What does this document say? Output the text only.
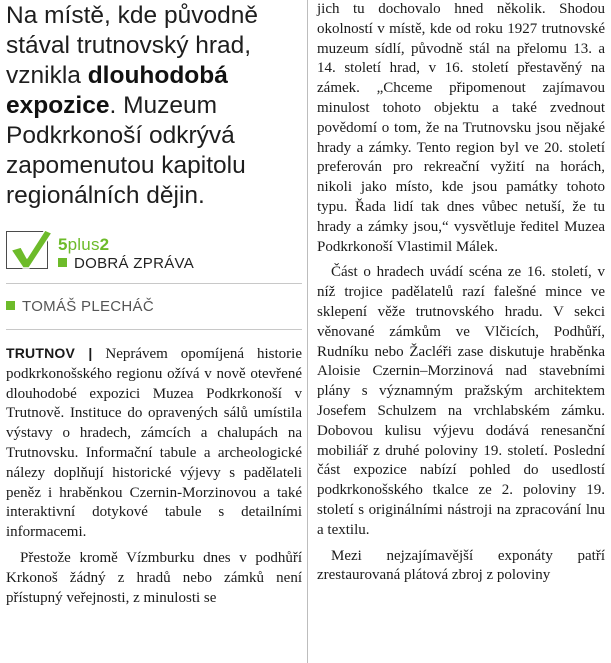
Na místě, kde původně stával trutnovský hrad, vznikla dlouhodobá expozice. Muzeum Podkrkonoší odkrývá zapomenutou kapitolu regionálních dějin.

5plus2
DOBRÁ ZPRÁVA
TOMÁŠ PLECHÁČ

TRUTNOV | Neprávem opomíjená historie podkrkonošského regionu ožívá v nově otevřené dlouhodobé expozici Muzea Podkrkonoší v Trutnově. Instituce do opravených sálů umístila výstavy o hradech, zámcích a chalupách na Trutnovsku. Informační tabule a archeologické nálezy doplňují historické výjevy s padělateli peněz i hraběnkou Czernin-Morzinovou a také interaktivní dotykové tabule s detailními informacemi.

Přestože kromě Vízmburku dnes v podhůří Krkonoš žádný z hradů nebo zámků není přístupný veřejnosti, z minulosti se

jich tu dochovalo hned několik. Shodou okolností v místě, kde od roku 1927 trutnovské muzeum sídlí, původně stál na přelomu 13. a 14. století hrad, v 16. století přestavěný na zámek. „Chceme připomenout zajímavou minulost tohoto objektu a také zvednout povědomí o tom, že na Trutnovsku jsou nějaké hrady a zámky. Tento region byl ve 20. století preferován pro rekreační vyžití na horách, nikoli jako místo, kde jsou památky tohoto typu. Řada lidí tak dnes vůbec netuší, že tu hrady a zámky jsou,“ vysvětluje ředitel Muzea Podkrkonoší Vlastimil Málek.

Část o hradech uvádí scéna ze 16. století, v níž trojice padělatelů razí falešné mince ve sklepení věže trutnovského hradu. V sekci věnované zámkům ve Vlčicích, Podhůří, Rudníku nebo Žacléři zase diskutuje hraběnka Aloisie Czernin–Morzinová nad stavebními plány s významným pražským architektem Josefem Schulzem na vrchlabském zámku. Dobovou kulisu výjevu dodává renesanční mobiliář z druhé poloviny 19. století. Poslední část expozice nabízí pohled do usedlostí podkrkonošského tkalce ze 2. poloviny 19. století s originálními nástroji na zpracování lnu a textilu.

Mezi nejzajímavější exponáty patří zrestaurovaná plátová zbroj z poloviny
